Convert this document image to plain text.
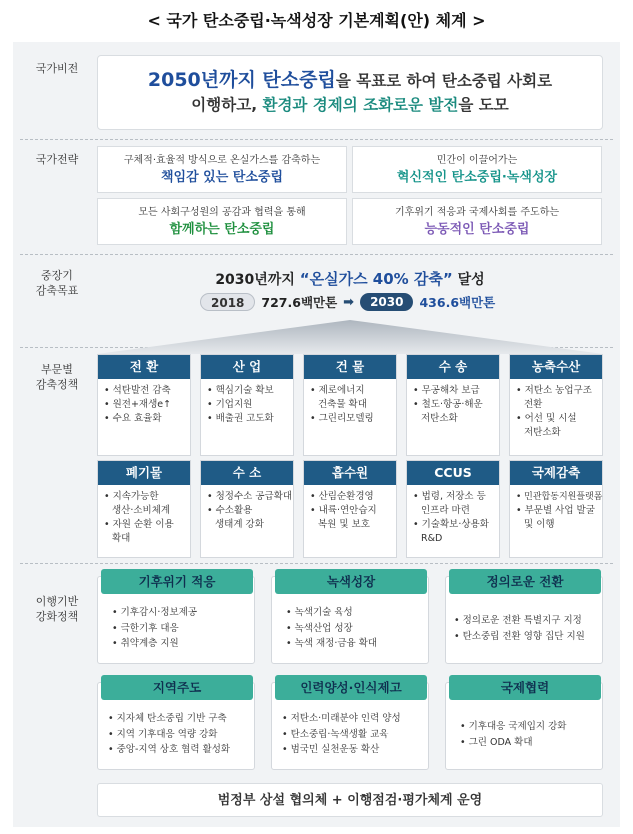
< 국가 탄소중립·녹색성장 기본계획(안) 체계 >
국가비전
국가전략
중장기
감축목표
부문별
감축정책
이행기반
강화정책
2050년까지 탄소중립을 목표로 하여 탄소중립 사회로
이행하고, 환경과 경제의 조화로운 발전을 도모
구체적·효율적 방식으로 온실가스를 감축하는
책임감 있는 탄소중립
민간이 이끌어가는
혁신적인 탄소중립·녹색성장
모든 사회구성원의 공감과 협력을 통해
함께하는 탄소중립
기후위기 적응과 국제사회를 주도하는
능동적인 탄소중립
2030년까지 “온실가스 40% 감축” 달성
2018	727.6백만톤 ➡	2030	436.6백만톤
전 환
• 석탄발전 감축
• 원전+재생e↑
• 수요 효율화
산 업
• 핵심기술 확보
• 기업지원
• 배출권 고도화
건 물
• 제로에너지
건축물 확대
• 그린리모델링
수 송
• 무공해차 보급
• 철도·항공·해운
저탄소화
농축수산
• 저탄소 농업구조
전환
• 어선 및 시설
저탄소화
폐기물
• 지속가능한
생산·소비체계
• 자원 순환 이용
확대
수 소
• 청정수소 공급확대
• 수소활용
생태계 강화
흡수원
• 산림순환경영
• 내륙·연안습지
복원 및 보호
CCUS
• 법령, 저장소 등
인프라 마련
• 기술확보·상용화
R&D
국제감축
• 민관합동지원플랫폼
• 부문별 사업 발굴
및 이행
기후위기 적응
• 기후감시·정보제공
• 극한기후 대응
• 취약계층 지원
녹색성장
• 녹색기술 육성
• 녹색산업 성장
• 녹색 재정·금융 확대
정의로운 전환
• 정의로운 전환 특별지구 지정
• 탄소중립 전환 영향 집단 지원
지역주도
• 지자체 탄소중립 기반 구축
• 지역 기후대응 역량 강화
• 중앙-지역 상호 협력 활성화
인력양성·인식제고
• 저탄소·미래분야 인력 양성
• 탄소중립·녹색생활 교육
• 범국민 실천운동 확산
국제협력
• 기후대응 국제입지 강화
• 그린 ODA 확대
범정부 상설 협의체 + 이행점검·평가체계 운영
